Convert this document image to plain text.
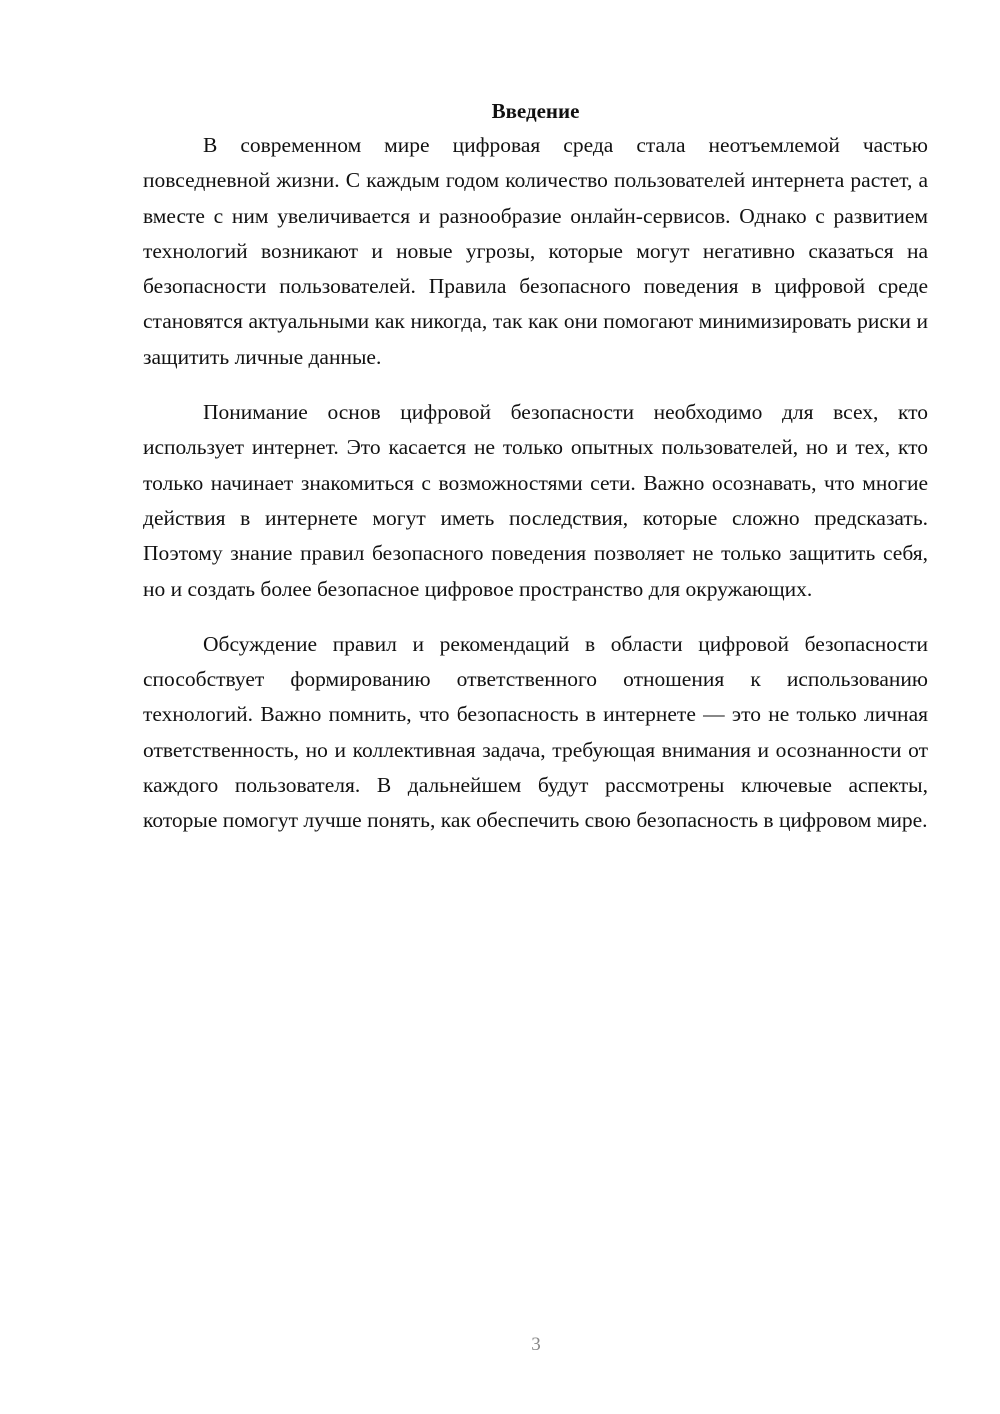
Введение

В современном мире цифровая среда стала неотъемлемой частью повседневной жизни. С каждым годом количество пользователей интернета растет, а вместе с ним увеличивается и разнообразие онлайн-сервисов. Однако с развитием технологий возникают и новые угрозы, которые могут негативно сказаться на безопасности пользователей. Правила безопасного поведения в цифровой среде становятся актуальными как никогда, так как они помогают минимизировать риски и защитить личные данные.

Понимание основ цифровой безопасности необходимо для всех, кто использует интернет. Это касается не только опытных пользователей, но и тех, кто только начинает знакомиться с возможностями сети. Важно осознавать, что многие действия в интернете могут иметь последствия, которые сложно предсказать. Поэтому знание правил безопасного поведения позволяет не только защитить себя, но и создать более безопасное цифровое пространство для окружающих.

Обсуждение правил и рекомендаций в области цифровой безопасности способствует формированию ответственного отношения к использованию технологий. Важно помнить, что безопасность в интернете — это не только личная ответственность, но и коллективная задача, требующая внимания и осознанности от каждого пользователя. В дальнейшем будут рассмотрены ключевые аспекты, которые помогут лучше понять, как обеспечить свою безопасность в цифровом мире.

3
